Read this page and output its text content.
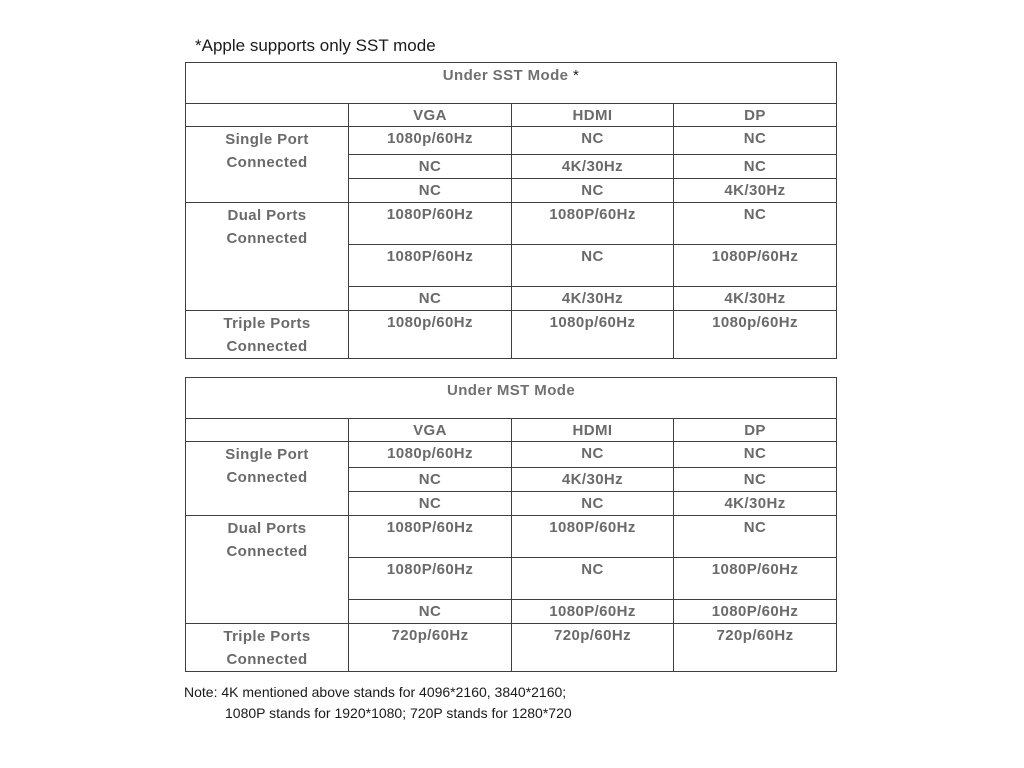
*Apple supports only SST mode
Under SST Mode *			
	VGA	HDMI	DP
Single Port
Connected	1080p/60Hz	NC	NC
	NC	4K/30Hz	NC
	NC	NC	4K/30Hz
Dual Ports
Connected	1080P/60Hz	1080P/60Hz	NC
	1080P/60Hz	NC	1080P/60Hz
	NC	4K/30Hz	4K/30Hz
Triple Ports
Connected	1080p/60Hz	1080p/60Hz	1080p/60Hz
Under MST Mode			
	VGA	HDMI	DP
Single Port
Connected	1080p/60Hz	NC	NC
	NC	4K/30Hz	NC
	NC	NC	4K/30Hz
Dual Ports
Connected	1080P/60Hz	1080P/60Hz	NC
	1080P/60Hz	NC	1080P/60Hz
	NC	1080P/60Hz	1080P/60Hz
Triple Ports
Connected	720p/60Hz	720p/60Hz	720p/60Hz
Note: 4K mentioned above stands for 4096*2160, 3840*2160;
1080P stands for 1920*1080; 720P stands for 1280*720
